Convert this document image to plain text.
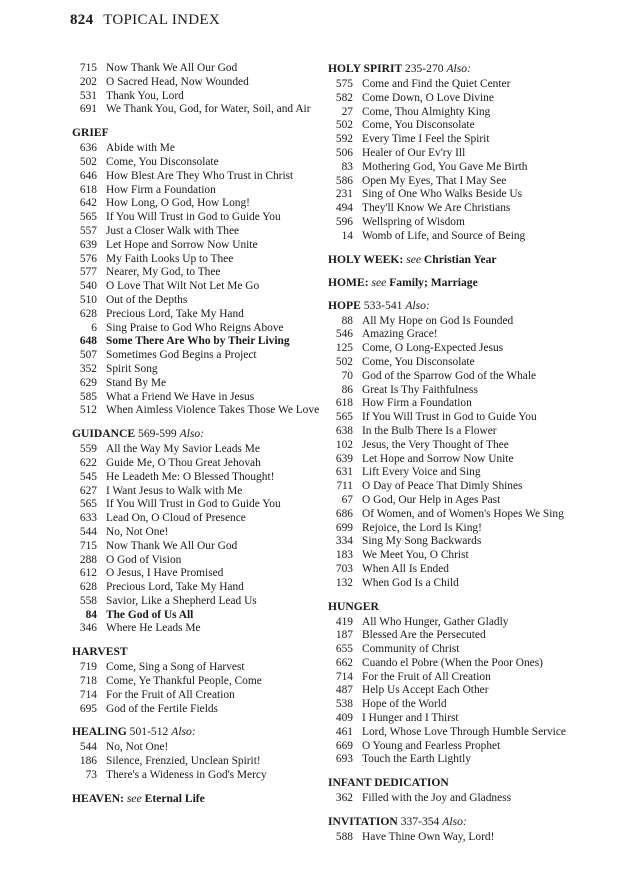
824 TOPICAL INDEX
715 Now Thank We All Our God
202 O Sacred Head, Now Wounded
531 Thank You, Lord
691 We Thank You, God, for Water, Soil, and Air
GRIEF
636 Abide with Me
502 Come, You Disconsolate
646 How Blest Are They Who Trust in Christ
618 How Firm a Foundation
642 How Long, O God, How Long!
565 If You Will Trust in God to Guide You
557 Just a Closer Walk with Thee
639 Let Hope and Sorrow Now Unite
576 My Faith Looks Up to Thee
577 Nearer, My God, to Thee
540 O Love That Wilt Not Let Me Go
510 Out of the Depths
628 Precious Lord, Take My Hand
6 Sing Praise to God Who Reigns Above
648 Some There Are Who by Their Living
507 Sometimes God Begins a Project
352 Spirit Song
629 Stand By Me
585 What a Friend We Have in Jesus
512 When Aimless Violence Takes Those We Love
GUIDANCE 569-599 Also:
559 All the Way My Savior Leads Me
622 Guide Me, O Thou Great Jehovah
545 He Leadeth Me: O Blessed Thought!
627 I Want Jesus to Walk with Me
565 If You Will Trust in God to Guide You
633 Lead On, O Cloud of Presence
544 No, Not One!
715 Now Thank We All Our God
288 O God of Vision
612 O Jesus, I Have Promised
628 Precious Lord, Take My Hand
558 Savior, Like a Shepherd Lead Us
84 The God of Us All
346 Where He Leads Me
HARVEST
719 Come, Sing a Song of Harvest
718 Come, Ye Thankful People, Come
714 For the Fruit of All Creation
695 God of the Fertile Fields
HEALING 501-512 Also:
544 No, Not One!
186 Silence, Frenzied, Unclean Spirit!
73 There's a Wideness in God's Mercy
HEAVEN: see Eternal Life
HOLY SPIRIT 235-270 Also:
575 Come and Find the Quiet Center
582 Come Down, O Love Divine
27 Come, Thou Almighty King
502 Come, You Disconsolate
592 Every Time I Feel the Spirit
506 Healer of Our Ev'ry Ill
83 Mothering God, You Gave Me Birth
586 Open My Eyes, That I May See
231 Sing of One Who Walks Beside Us
494 They'll Know We Are Christians
596 Wellspring of Wisdom
14 Womb of Life, and Source of Being
HOLY WEEK: see Christian Year
HOME: see Family; Marriage
HOPE 533-541 Also:
88 All My Hope on God Is Founded
546 Amazing Grace!
125 Come, O Long-Expected Jesus
502 Come, You Disconsolate
70 God of the Sparrow God of the Whale
86 Great Is Thy Faithfulness
618 How Firm a Foundation
565 If You Will Trust in God to Guide You
638 In the Bulb There Is a Flower
102 Jesus, the Very Thought of Thee
639 Let Hope and Sorrow Now Unite
631 Lift Every Voice and Sing
711 O Day of Peace That Dimly Shines
67 O God, Our Help in Ages Past
686 Of Women, and of Women's Hopes We Sing
699 Rejoice, the Lord Is King!
334 Sing My Song Backwards
183 We Meet You, O Christ
703 When All Is Ended
132 When God Is a Child
HUNGER
419 All Who Hunger, Gather Gladly
187 Blessed Are the Persecuted
655 Community of Christ
662 Cuando el Pobre (When the Poor Ones)
714 For the Fruit of All Creation
487 Help Us Accept Each Other
538 Hope of the World
409 I Hunger and I Thirst
461 Lord, Whose Love Through Humble Service
669 O Young and Fearless Prophet
693 Touch the Earth Lightly
INFANT DEDICATION
362 Filled with the Joy and Gladness
INVITATION 337-354 Also:
588 Have Thine Own Way, Lord!
